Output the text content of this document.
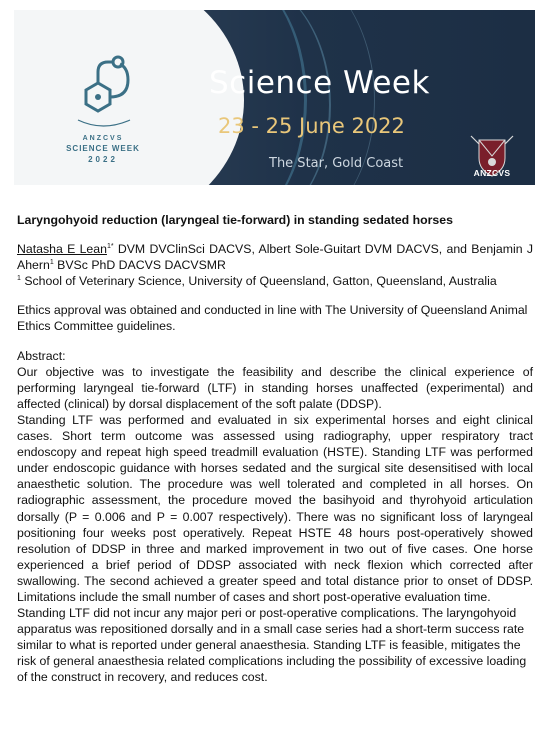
ANZCVS
SCIENCE WEEK
2022
Science Week
23 - 25 June 2022
The Star, Gold Coast
ANZCVS

Laryngohyoid reduction (laryngeal tie-forward) in standing sedated horses

Natasha E Lean$^{1*}$ DVM DVClinSci DACVS, Albert Sole-Guitart DVM DACVS, and Benjamin J Ahern$^1$ BVSc PhD DACVS DACVSMR

$^1$ School of Veterinary Science, University of Queensland, Gatton, Queensland, Australia

Ethics approval was obtained and conducted in line with The University of Queensland Animal Ethics Committee guidelines.

Abstract:

Our objective was to investigate the feasibility and describe the clinical experience of performing laryngeal tie-forward (LTF) in standing horses unaffected (experimental) and affected (clinical) by dorsal displacement of the soft palate (DDSP).

Standing LTF was performed and evaluated in six experimental horses and eight clinical cases. Short term outcome was assessed using radiography, upper respiratory tract endoscopy and repeat high speed treadmill evaluation (HSTE). Standing LTF was performed under endoscopic guidance with horses sedated and the surgical site desensitised with local anaesthetic solution. The procedure was well tolerated and completed in all horses. On radiographic assessment, the procedure moved the basihyoid and thyrohyoid articulation dorsally (P = 0.006 and P = 0.007 respectively). There was no significant loss of laryngeal positioning four weeks post operatively. Repeat HSTE 48 hours post-operatively showed resolution of DDSP in three and marked improvement in two out of five cases. One horse experienced a brief period of DDSP associated with neck flexion which corrected after swallowing. The second achieved a greater speed and total distance prior to onset of DDSP. Limitations include the small number of cases and short post-operative evaluation time.

Standing LTF did not incur any major peri or post-operative complications. The laryngohyoid apparatus was repositioned dorsally and in a small case series had a short-term success rate similar to what is reported under general anaesthesia. Standing LTF is feasible, mitigates the risk of general anaesthesia related complications including the possibility of excessive loading of the construct in recovery, and reduces cost.
